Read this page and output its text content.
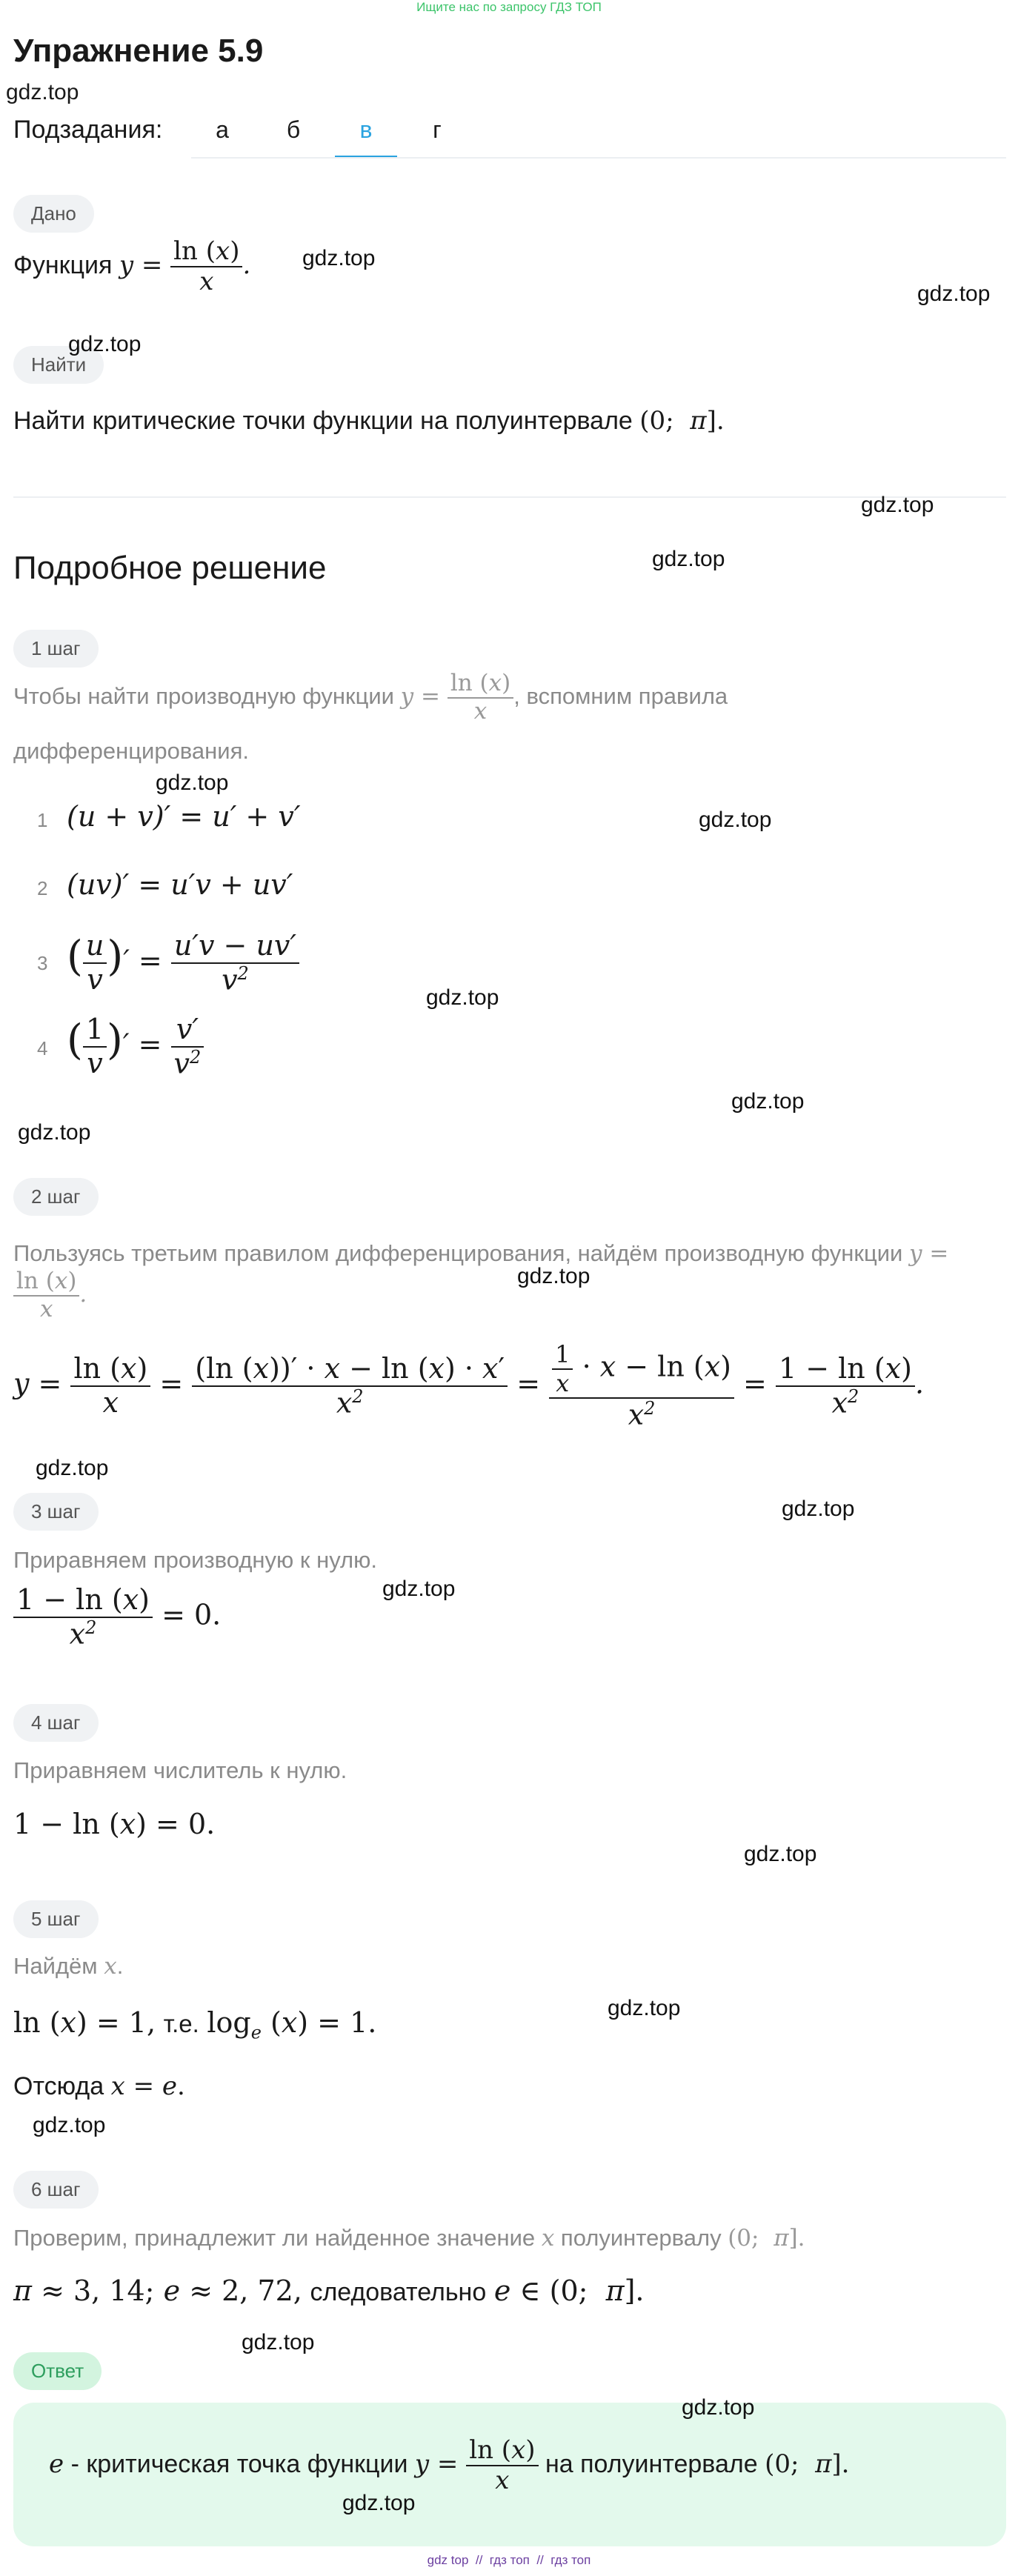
Ищите нас по запросу ГДЗ ТОП
Упражнение 5.9
gdz.top
Подзадания:	а	б	в	г
Дано
Функция $y = \frac{\ln (x)}{x}$ .
Найти
Найти критические точки функции на полуинтервале (0;  π].
Подробное решение
1 шаг
Чтобы найти производную функции $y = \frac{\ln (x)}{x}$ , вспомним правила
дифференцирования.
1 (u + v)′ = u′ + v′
2 (uv)′ = u′v + uv′
3 ( $\frac{u}{v}$ )′ = $\frac{u'v - uv'}{v^2}$
4 ( $\frac{1}{v}$ )′ = $\frac{v'}{v^2}$
2 шаг
Пользуясь третьим правилом дифференцирования, найдём производную функции y =
$\frac{\ln (x)}{x}$ .
$y = \frac{\ln (x)}{x} = \frac{(\ln (x))' \cdot x - \ln (x) \cdot x'}{x^2} = \frac{\frac{1}{x} \cdot x - \ln (x)}{x^2} = \frac{1 - \ln (x)}{x^2}$ .
3 шаг
Приравняем производную к нулю.
$\frac{1 - \ln (x)}{x^2} = 0$.
4 шаг
Приравняем числитель к нулю.
1 − ln (x) = 0.
5 шаг
Найдём x.
ln (x) = 1, т.е. $\log_e (x) = 1$.
Отсюда x = e.
6 шаг
Проверим, принадлежит ли найденное значение x полуинтервалу (0;  π].
π ≈ 3, 14; e ≈ 2, 72, следовательно e ∈ (0;  π].
Ответ
e - критическая точка функции $y = \frac{\ln (x)}{x}$ на полуинтервале (0;  π].
gdz.top
gdz.top
gdz.top
gdz.top
gdz.top
gdz.top
gdz.top
gdz.top
gdz.top
gdz.top
gdz.top
gdz.top
gdz.top
gdz.top
gdz.top
gdz.top
gdz.top
gdz.top
gdz.top
gdz.top
gdz top  //  гдз топ  //  гдз топ
